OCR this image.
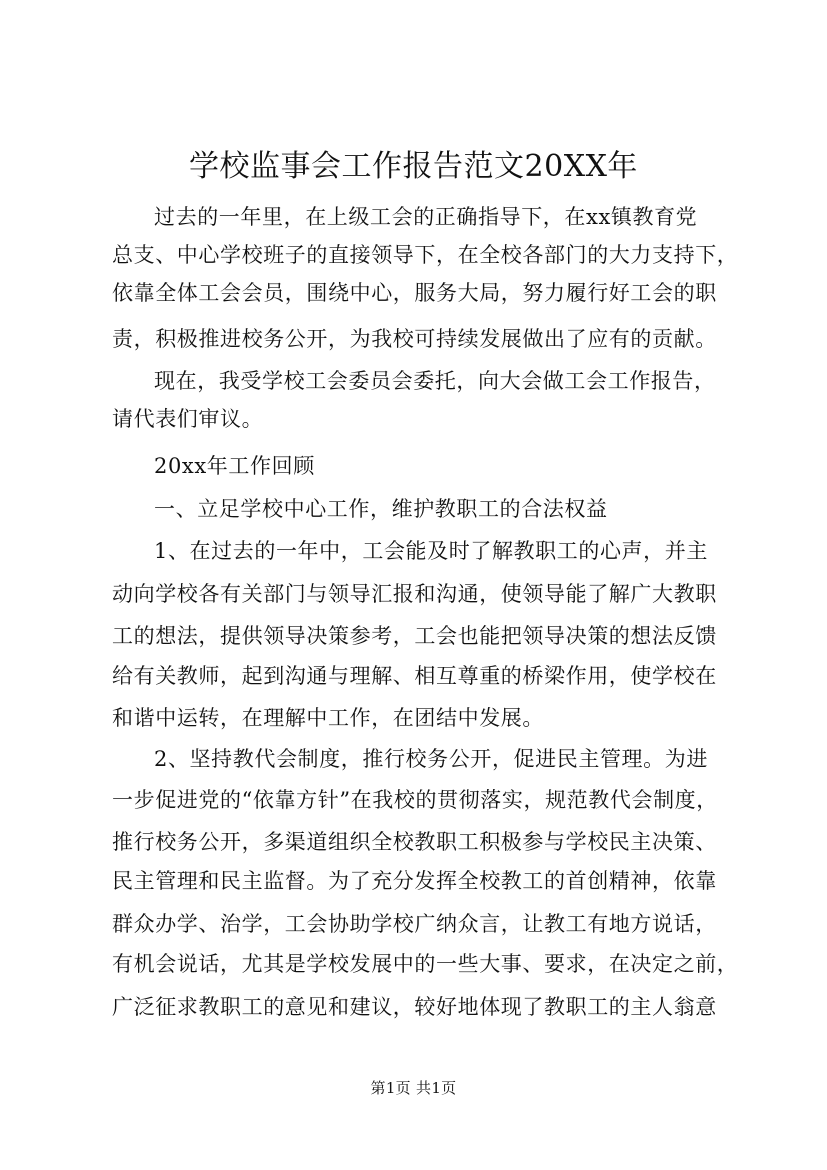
学校监事会工作报告范文20XX年
过去的一年里，在上级工会的正确指导下，在xx镇教育党
总支、中心学校班子的直接领导下，在全校各部门的大力支持下，
依靠全体工会会员，围绕中心，服务大局，努力履行好工会的职
责，积极推进校务公开，为我校可持续发展做出了应有的贡献。
现在，我受学校工会委员会委托，向大会做工会工作报告，
请代表们审议。
20xx年工作回顾
一、立足学校中心工作，维护教职工的合法权益
1、在过去的一年中，工会能及时了解教职工的心声，并主
动向学校各有关部门与领导汇报和沟通，使领导能了解广大教职
工的想法，提供领导决策参考，工会也能把领导决策的想法反馈
给有关教师，起到沟通与理解、相互尊重的桥梁作用，使学校在
和谐中运转，在理解中工作，在团结中发展。
2、坚持教代会制度，推行校务公开，促进民主管理。为进
一步促进党的“依靠方针”在我校的贯彻落实，规范教代会制度，
推行校务公开，多渠道组织全校教职工积极参与学校民主决策、
民主管理和民主监督。为了充分发挥全校教工的首创精神，依靠
群众办学、治学，工会协助学校广纳众言，让教工有地方说话，
有机会说话，尤其是学校发展中的一些大事、要求，在决定之前，
广泛征求教职工的意见和建议，较好地体现了教职工的主人翁意
第1页 共1页
